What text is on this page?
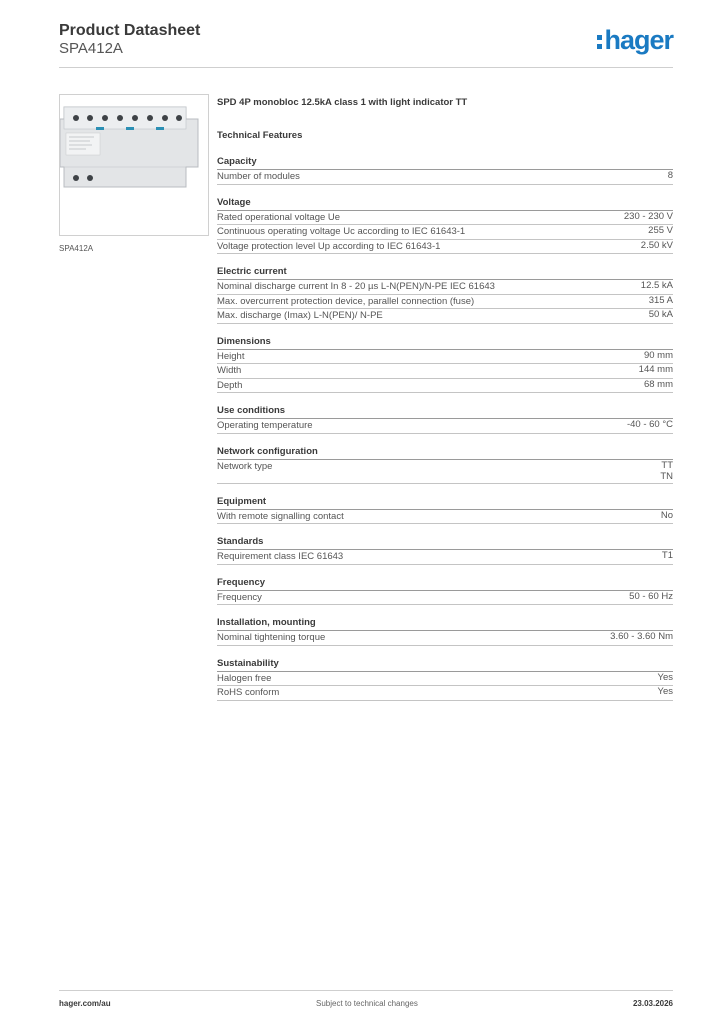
Product Datasheet
SPA412A	hager
SPA412A
SPD 4P monobloc 12.5kA class 1 with light indicator TT
Technical Features
Capacity
Number of modules	8
Voltage
Rated operational voltage Ue	230 - 230 V
Continuous operating voltage Uc according to IEC 61643-1	255 V
Voltage protection level Up according to IEC 61643-1	2.50 kV
Electric current
Nominal discharge current In 8 - 20 µs L-N(PEN)/N-PE IEC 61643	12.5 kA
Max. overcurrent protection device, parallel connection (fuse)	315 A
Max. discharge (Imax) L-N(PEN)/ N-PE	50 kA
Dimensions
Height	90 mm
Width	144 mm
Depth	68 mm
Use conditions
Operating temperature	-40 - 60 °C
Network configuration
Network type	TT
TN
Equipment
With remote signalling contact	No
Standards
Requirement class IEC 61643	T1
Frequency
Frequency	50 - 60 Hz
Installation, mounting
Nominal tightening torque	3.60 - 3.60 Nm
Sustainability
Halogen free	Yes
RoHS conform	Yes
hager.com/au	Subject to technical changes	23.03.2026
